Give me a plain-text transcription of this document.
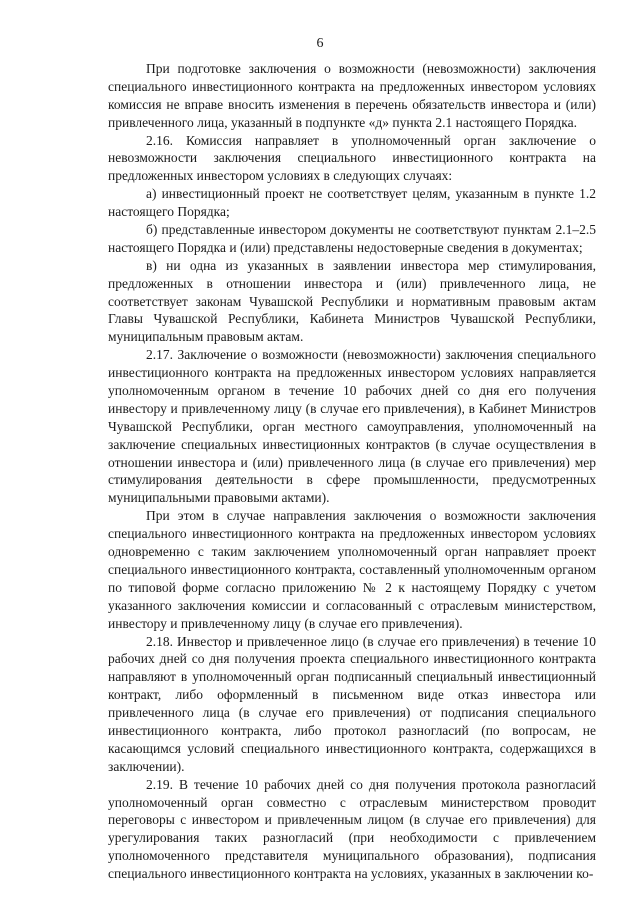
6

При подготовке заключения о возможности (невозможности) заключения специального инвестиционного контракта на предложенных инвестором условиях комиссия не вправе вносить изменения в перечень обязательств инвестора и (или) привлеченного лица, указанный в подпункте «д» пункта 2.1 настоящего Порядка.

2.16. Комиссия направляет в уполномоченный орган заключение о невозможности заключения специального инвестиционного контракта на предложенных инвестором условиях в следующих случаях:

а) инвестиционный проект не соответствует целям, указанным в пункте 1.2 настоящего Порядка;

б) представленные инвестором документы не соответствуют пунктам 2.1–2.5 настоящего Порядка и (или) представлены недостоверные сведения в документах;

в) ни одна из указанных в заявлении инвестора мер стимулирования, предложенных в отношении инвестора и (или) привлеченного лица, не соответствует законам Чувашской Республики и нормативным правовым актам Главы Чувашской Республики, Кабинета Министров Чувашской Республики, муниципальным правовым актам.

2.17. Заключение о возможности (невозможности) заключения специального инвестиционного контракта на предложенных инвестором условиях направляется уполномоченным органом в течение 10 рабочих дней со дня его получения инвестору и привлеченному лицу (в случае его привлечения), в Кабинет Министров Чувашской Республики, орган местного самоуправления, уполномоченный на заключение специальных инвестиционных контрактов (в случае осуществления в отношении инвестора и (или) привлеченного лица (в случае его привлечения) мер стимулирования деятельности в сфере промышленности, предусмотренных муниципальными правовыми актами).

При этом в случае направления заключения о возможности заключения специального инвестиционного контракта на предложенных инвестором условиях одновременно с таким заключением уполномоченный орган направляет проект специального инвестиционного контракта, составленный уполномоченным органом по типовой форме согласно приложению № 2 к настоящему Порядку с учетом указанного заключения комиссии и согласованный с отраслевым министерством, инвестору и привлеченному лицу (в случае его привлечения).

2.18. Инвестор и привлеченное лицо (в случае его привлечения) в течение 10 рабочих дней со дня получения проекта специального инвестиционного контракта направляют в уполномоченный орган подписанный специальный инвестиционный контракт, либо оформленный в письменном виде отказ инвестора или привлеченного лица (в случае его привлечения) от подписания специального инвестиционного контракта, либо протокол разногласий (по вопросам, не касающимся условий специального инвестиционного контракта, содержащихся в заключении).

2.19. В течение 10 рабочих дней со дня получения протокола разногласий уполномоченный орган совместно с отраслевым министерством проводит переговоры с инвестором и привлеченным лицом (в случае его привлечения) для урегулирования таких разногласий (при необходимости с привлечением уполномоченного представителя муниципального образования), подписания специального инвестиционного контракта на условиях, указанных в заключении ко-
